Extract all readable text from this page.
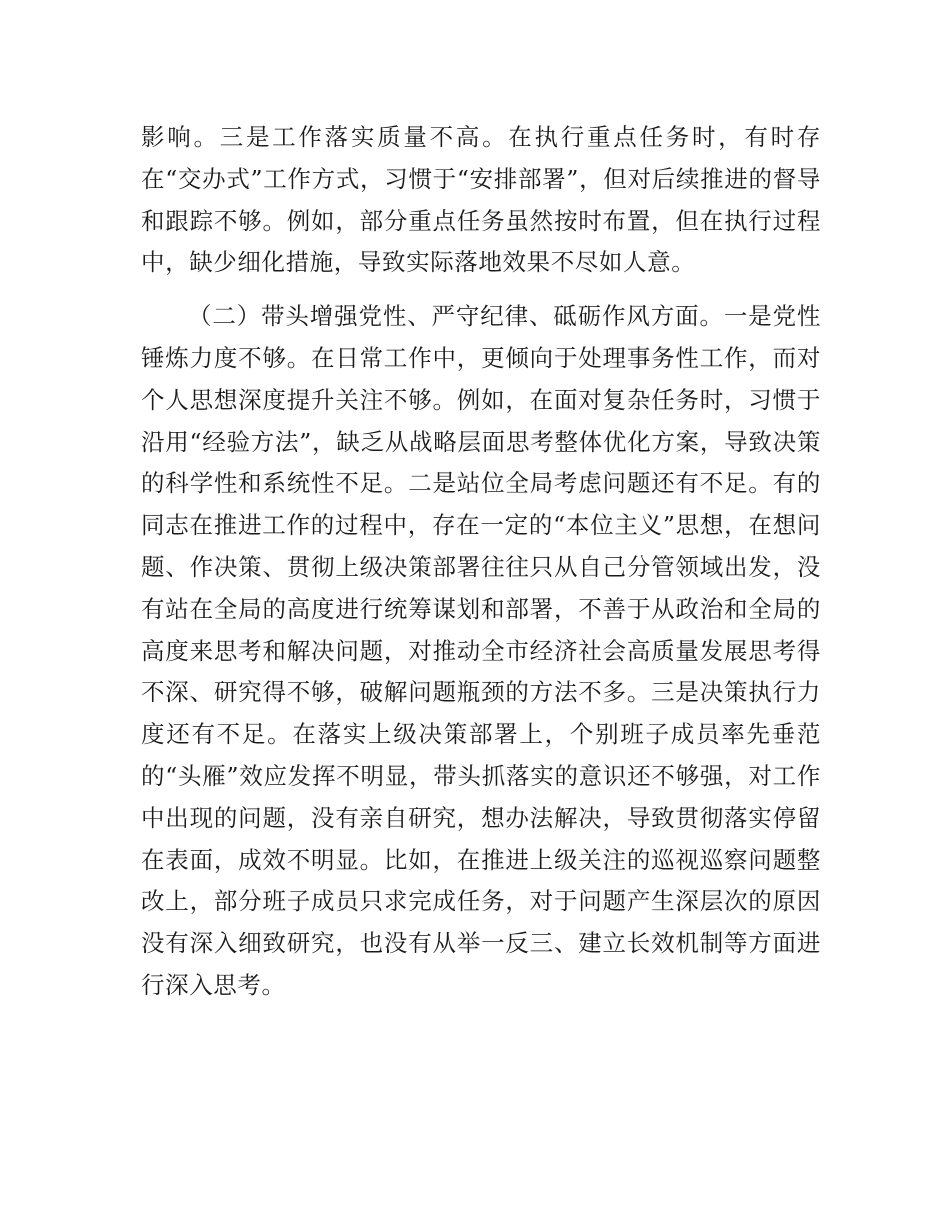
影响。三是工作落实质量不高。在执行重点任务时，有时存在“交办式”工作方式，习惯于“安排部署”，但对后续推进的督导和跟踪不够。例如，部分重点任务虽然按时布置，但在执行过程中，缺少细化措施，导致实际落地效果不尽如人意。

（二）带头增强党性、严守纪律、砥砺作风方面。一是党性锤炼力度不够。在日常工作中，更倾向于处理事务性工作，而对个人思想深度提升关注不够。例如，在面对复杂任务时，习惯于沿用“经验方法”，缺乏从战略层面思考整体优化方案，导致决策的科学性和系统性不足。二是站位全局考虑问题还有不足。有的同志在推进工作的过程中，存在一定的“本位主义”思想，在想问题、作决策、贯彻上级决策部署往往只从自己分管领域出发，没有站在全局的高度进行统筹谋划和部署，不善于从政治和全局的高度来思考和解决问题，对推动全市经济社会高质量发展思考得不深、研究得不够，破解问题瓶颈的方法不多。三是决策执行力度还有不足。在落实上级决策部署上，个别班子成员率先垂范的“头雁”效应发挥不明显，带头抓落实的意识还不够强，对工作中出现的问题，没有亲自研究，想办法解决，导致贯彻落实停留在表面，成效不明显。比如，在推进上级关注的巡视巡察问题整改上，部分班子成员只求完成任务，对于问题产生深层次的原因没有深入细致研究，也没有从举一反三、建立长效机制等方面进行深入思考。
